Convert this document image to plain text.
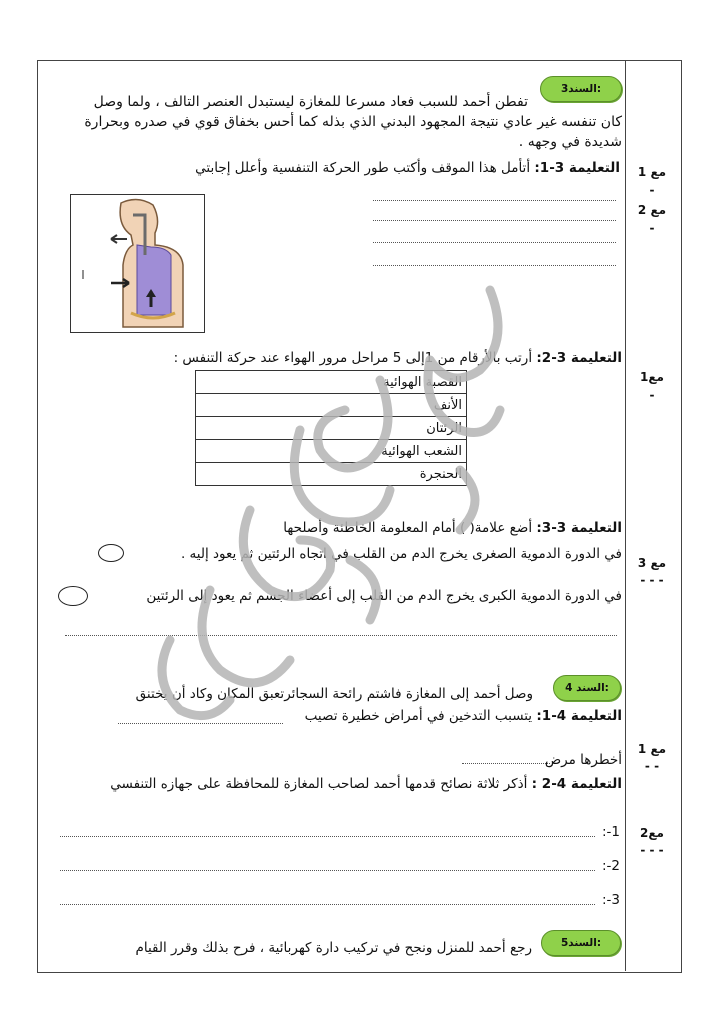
السند3:
تفطن أحمد للسبب فعاد مسرعا للمغازة ليستبدل العنصر التالف ، ولما وصل
كان تنفسه غير عادي نتيجة المجهود البدني الذي بذله كما أحس بخفاق قوي في صدره وبحرارة
شديدة في وجهه .
التعليمة 3-1: أتأمل هذا الموقف وأكتب طور الحركة التنفسية وأعلل إجابتي
التعليمة 3-2: أرتب بالأرقام من 1إلى 5 مراحل مرور الهواء عند حركة التنفس :
القصبة الهوائية
الأنف
الرئتان
الشعب الهوائية
الحنجرة
التعليمة 3-3: أضع علامة( ) أمام المعلومة الخاطئة وأصلحها
في الدورة الدموية الصغرى يخرج الدم من القلب في اتجاه الرئتين ثم يعود إليه .
في الدورة الدموية الكبرى يخرج الدم من القلب إلى أعضاء الجسم ثم يعود إلى الرئتين
السند 4:
وصل أحمد إلى المغازة فاشتم رائحة السجائرتعبق المكان وكاد أن يختنق
التعليمة 4-1: يتسبب التدخين في أمراض خطيرة تصيب
أخطرها مرض
التعليمة 4-2 : أذكر ثلاثة نصائح قدمها أحمد لصاحب المغازة للمحافظة على جهازه التنفسي
1-:
2-:
3-:
السند5:
رجع أحمد للمنزل ونجح في تركيب دارة كهربائية ، فرح بذلك وقرر القيام
مع 1
-
مع 2
-
مع1
-
مع 3
- - -
مع 1
- -
مع2
- - -
